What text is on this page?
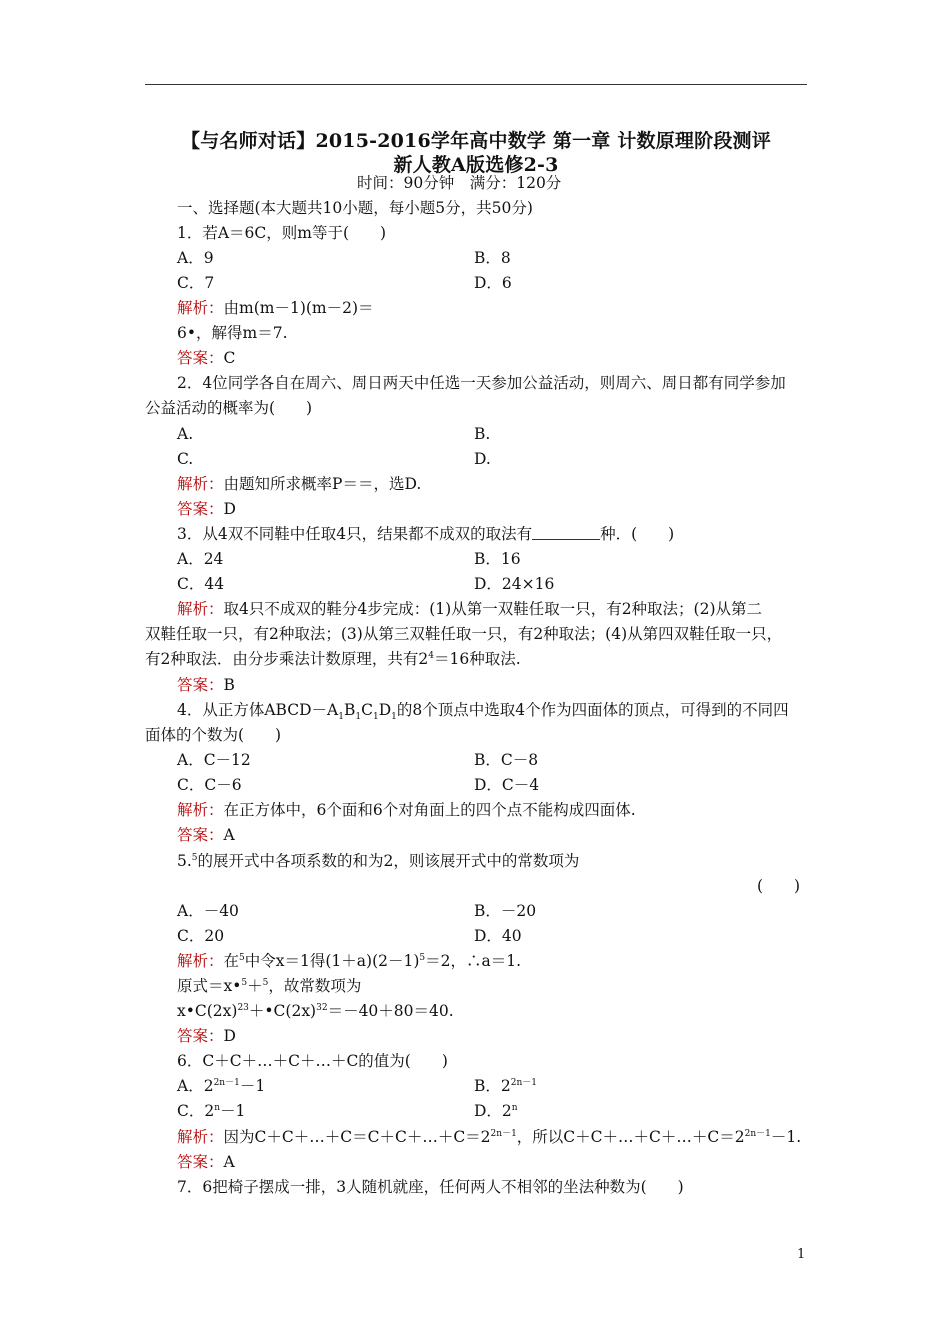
【与名师对话】2015-2016学年高中数学 第一章 计数原理阶段测评
新人教A版选修2-3
时间：90分钟　满分：120分
一、选择题(本大题共10小题，每小题5分，共50分)
1．若A＝6C，则m等于(　　)
A．9	B．8
C．7	D．6
解析：由m(m－1)(m－2)＝
6•，解得m＝7.
答案：C
2．4位同学各自在周六、周日两天中任选一天参加公益活动，则周六、周日都有同学参加
公益活动的概率为(　　)
A.	B.
C.	D.
解析：由题知所求概率P＝＝，选D.
答案：D
3．从4双不同鞋中任取4只，结果都不成双的取法有	种．(　　)
A．24	B．16
C．44	D．24×16
解析：取4只不成双的鞋分4步完成：(1)从第一双鞋任取一只，有2种取法；(2)从第二
双鞋任取一只，有2种取法；(3)从第三双鞋任取一只，有2种取法；(4)从第四双鞋任取一只，
有2种取法．由分步乘法计数原理，共有$2^4=16$种取法.
答案：B
4．从正方体$ABCD-A_1B_1C_1D_1$的8个顶点中选取4个作为四面体的顶点，可得到的不同四
面体的个数为(　　)
A．C－12	B．C－8
C．C－6	D．C－4
解析：在正方体中，6个面和6个对角面上的四个点不能构成四面体.
答案：A
5.$^5$的展开式中各项系数的和为2，则该展开式中的常数项为
(　　)
A．－40	B．－20
C．20	D．40
解析：在$^5$中令x＝1得$(1+a)(2-1)^5=2$，∴a＝1.
原式＝x•$^5$＋$^5$，故常数项为
$x•C(2x)^{23}+•C(2x)^{32}=-40+80=40$.
答案：D
6．C＋C＋…＋C＋…＋C的值为(　　)
A．$2^{2n-1}-1$	B．$2^{2n-1}$
C．$2^n-1$	D．2$^n$
解析：因为$C+C+\dots+C=C+C+\dots+C=2^{2n-1}$，所以$C+C+\dots+C+\dots+C=2^{2n-1}-1$.
答案：A
7．6把椅子摆成一排，3人随机就座，任何两人不相邻的坐法种数为(　　)
1
